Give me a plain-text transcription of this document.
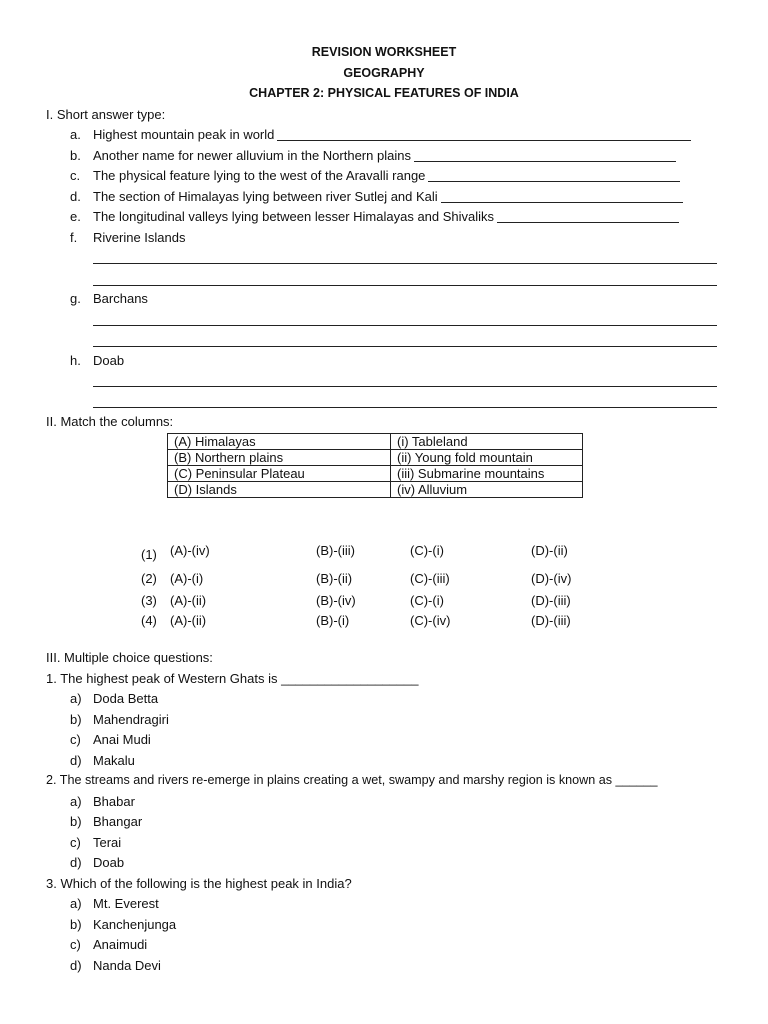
REVISION WORKSHEET
GEOGRAPHY
CHAPTER 2: PHYSICAL FEATURES OF INDIA
I. Short answer type:
a. Highest mountain peak in world
b. Another name for newer alluvium in the Northern plains
c. The physical feature lying to the west of the Aravalli range
d. The section of Himalayas lying between river Sutlej and Kali
e. The longitudinal valleys lying between lesser Himalayas and Shivaliks
f. Riverine Islands
g. Barchans
h. Doab
II. Match the columns:
(A) Himalayas	(i) Tableland
(B) Northern plains	(ii) Young fold mountain
(C) Peninsular Plateau	(iii) Submarine mountains
(D) Islands	(iv) Alluvium
(1) (A)-(iv)	(B)-(iii)	(C)-(i)	(D)-(ii)
(2) (A)-(i)	(B)-(ii)	(C)-(iii)	(D)-(iv)
(3) (A)-(ii)	(B)-(iv)	(C)-(i)	(D)-(iii)
(4) (A)-(ii)	(B)-(i)	(C)-(iv)	(D)-(iii)
III. Multiple choice questions:
1. The highest peak of Western Ghats is ___________________
a) Doda Betta
b) Mahendragiri
c) Anai Mudi
d) Makalu
2. The streams and rivers re-emerge in plains creating a wet, swampy and marshy region is known as ______
a) Bhabar
b) Bhangar
c) Terai
d) Doab
3. Which of the following is the highest peak in India?
a) Mt. Everest
b) Kanchenjunga
c) Anaimudi
d) Nanda Devi
